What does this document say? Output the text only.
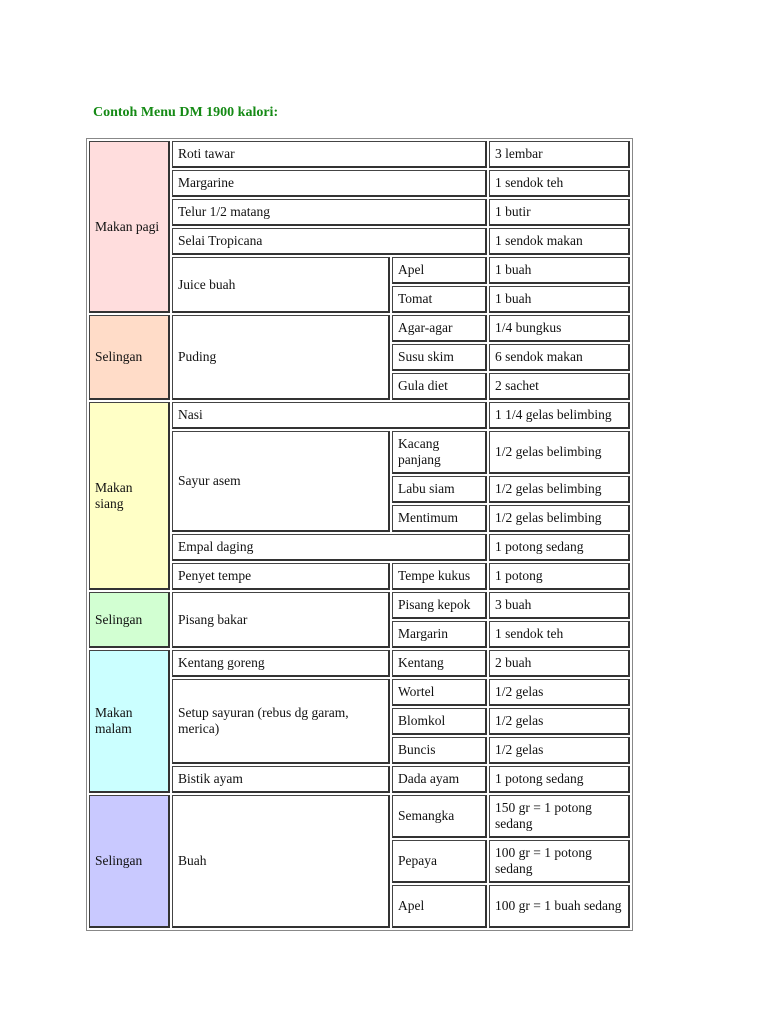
Contoh Menu DM 1900 kalori:
Makan pagi	Roti tawar		3 lembar
	Margarine		1 sendok teh
	Telur 1/2 matang		1 butir
	Selai Tropicana		1 sendok makan
	Juice buah	Apel	1 buah
		Tomat	1 buah
Selingan	Puding	Agar-agar	1/4 bungkus
		Susu skim	6 sendok makan
		Gula diet	2 sachet
Makan siang	Nasi		1 1/4 gelas belimbing
	Sayur asem	Kacang panjang	1/2 gelas belimbing
		Labu siam	1/2 gelas belimbing
		Mentimum	1/2 gelas belimbing
	Empal daging		1 potong sedang
	Penyet tempe	Tempe kukus	1 potong
Selingan	Pisang bakar	Pisang kepok	3 buah
		Margarin	1 sendok teh
Makan malam	Kentang goreng	Kentang	2 buah
	Setup sayuran (rebus dg garam, merica)	Wortel	1/2 gelas
		Blomkol	1/2 gelas
		Buncis	1/2 gelas
	Bistik ayam	Dada ayam	1 potong sedang
Selingan	Buah	Semangka	150 gr = 1 potong sedang
		Pepaya	100 gr = 1 potong sedang
		Apel	100 gr = 1 buah sedang
